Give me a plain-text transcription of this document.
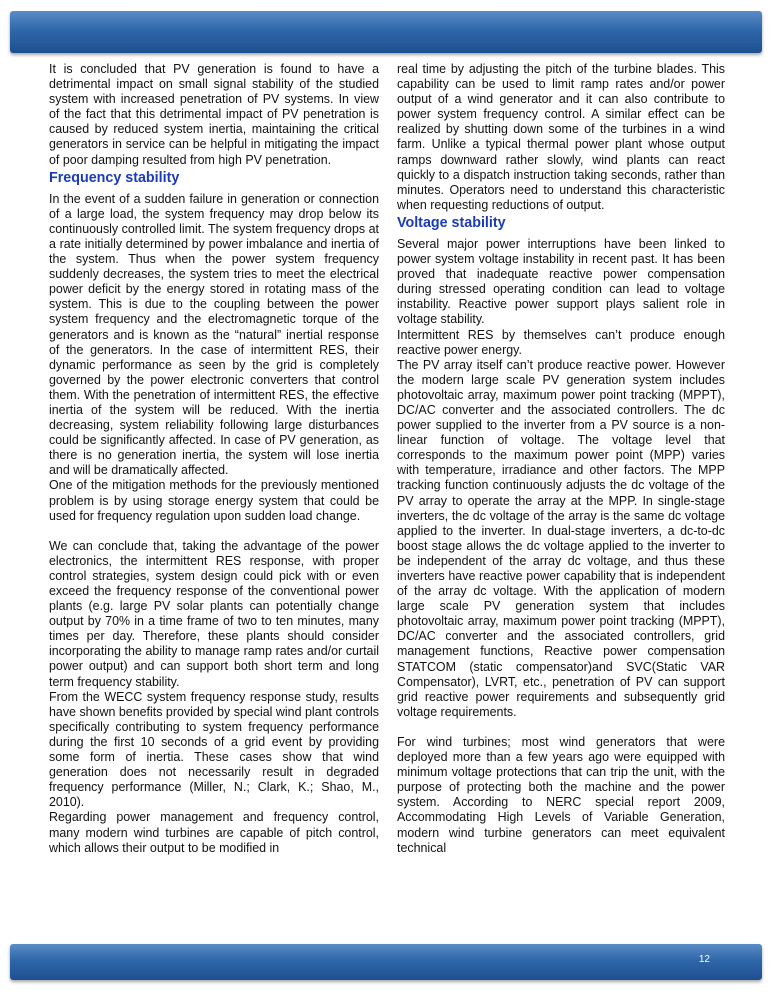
It is concluded that PV generation is found to have a detrimental impact on small signal stability of the studied system with increased penetration of PV systems. In view of the fact that this detrimental impact of PV penetration is caused by reduced system inertia, maintaining the critical generators in service can be helpful in mitigating the impact of poor damping resulted from high PV penetration.

Frequency stability

In the event of a sudden failure in generation or connection of a large load, the system frequency may drop below its continuously controlled limit. The system frequency drops at a rate initially determined by power imbalance and inertia of the system. Thus when the power system frequency suddenly decreases, the system tries to meet the electrical power deficit by the energy stored in rotating mass of the system. This is due to the coupling between the power system frequency and the electromagnetic torque of the generators and is known as the “natural” inertial response of the generators. In the case of intermittent RES, their dynamic performance as seen by the grid is completely governed by the power electronic converters that control them. With the penetration of intermittent RES, the effective inertia of the system will be reduced. With the inertia decreasing, system reliability following large disturbances could be significantly affected. In case of PV generation, as there is no generation inertia, the system will lose inertia and will be dramatically affected.

One of the mitigation methods for the previously mentioned problem is by using storage energy system that could be used for frequency regulation upon sudden load change.

We can conclude that, taking the advantage of the power electronics, the intermittent RES response, with proper control strategies, system design could pick with or even exceed the frequency response of the conventional power plants (e.g. large PV solar plants can potentially change output by 70% in a time frame of two to ten minutes, many times per day. Therefore, these plants should consider incorporating the ability to manage ramp rates and/or curtail power output) and can support both short term and long term frequency stability.

From the WECC system frequency response study, results have shown benefits provided by special wind plant controls specifically contributing to system frequency performance during the first 10 seconds of a grid event by providing some form of inertia. These cases show that wind generation does not necessarily result in degraded frequency performance (Miller, N.; Clark, K.; Shao, M., 2010).

Regarding power management and frequency control, many modern wind turbines are capable of pitch control, which allows their output to be modified in

real time by adjusting the pitch of the turbine blades. This capability can be used to limit ramp rates and/or power output of a wind generator and it can also contribute to power system frequency control. A similar effect can be realized by shutting down some of the turbines in a wind farm. Unlike a typical thermal power plant whose output ramps downward rather slowly, wind plants can react quickly to a dispatch instruction taking seconds, rather than minutes. Operators need to understand this characteristic when requesting reductions of output.

Voltage stability

Several major power interruptions have been linked to power system voltage instability in recent past. It has been proved that inadequate reactive power compensation during stressed operating condition can lead to voltage instability. Reactive power support plays salient role in voltage stability.

Intermittent RES by themselves can’t produce enough reactive power energy.

The PV array itself can’t produce reactive power. However the modern large scale PV generation system includes photovoltaic array, maximum power point tracking (MPPT), DC/AC converter and the associated controllers. The dc power supplied to the inverter from a PV source is a non-linear function of voltage. The voltage level that corresponds to the maximum power point (MPP) varies with temperature, irradiance and other factors. The MPP tracking function continuously adjusts the dc voltage of the PV array to operate the array at the MPP. In single-stage inverters, the dc voltage of the array is the same dc voltage applied to the inverter. In dual-stage inverters, a dc-to-dc boost stage allows the dc voltage applied to the inverter to be independent of the array dc voltage, and thus these inverters have reactive power capability that is independent of the array dc voltage. With the application of modern large scale PV generation system that includes photovoltaic array, maximum power point tracking (MPPT), DC/AC converter and the associated controllers, grid management functions, Reactive power compensation STATCOM (static compensator)and SVC(Static VAR Compensator), LVRT, etc., penetration of PV can support grid reactive power requirements and subsequently grid voltage requirements.

For wind turbines; most wind generators that were deployed more than a few years ago were equipped with minimum voltage protections that can trip the unit, with the purpose of protecting both the machine and the power system. According to NERC special report 2009, Accommodating High Levels of Variable Generation, modern wind turbine generators can meet equivalent technical

12
